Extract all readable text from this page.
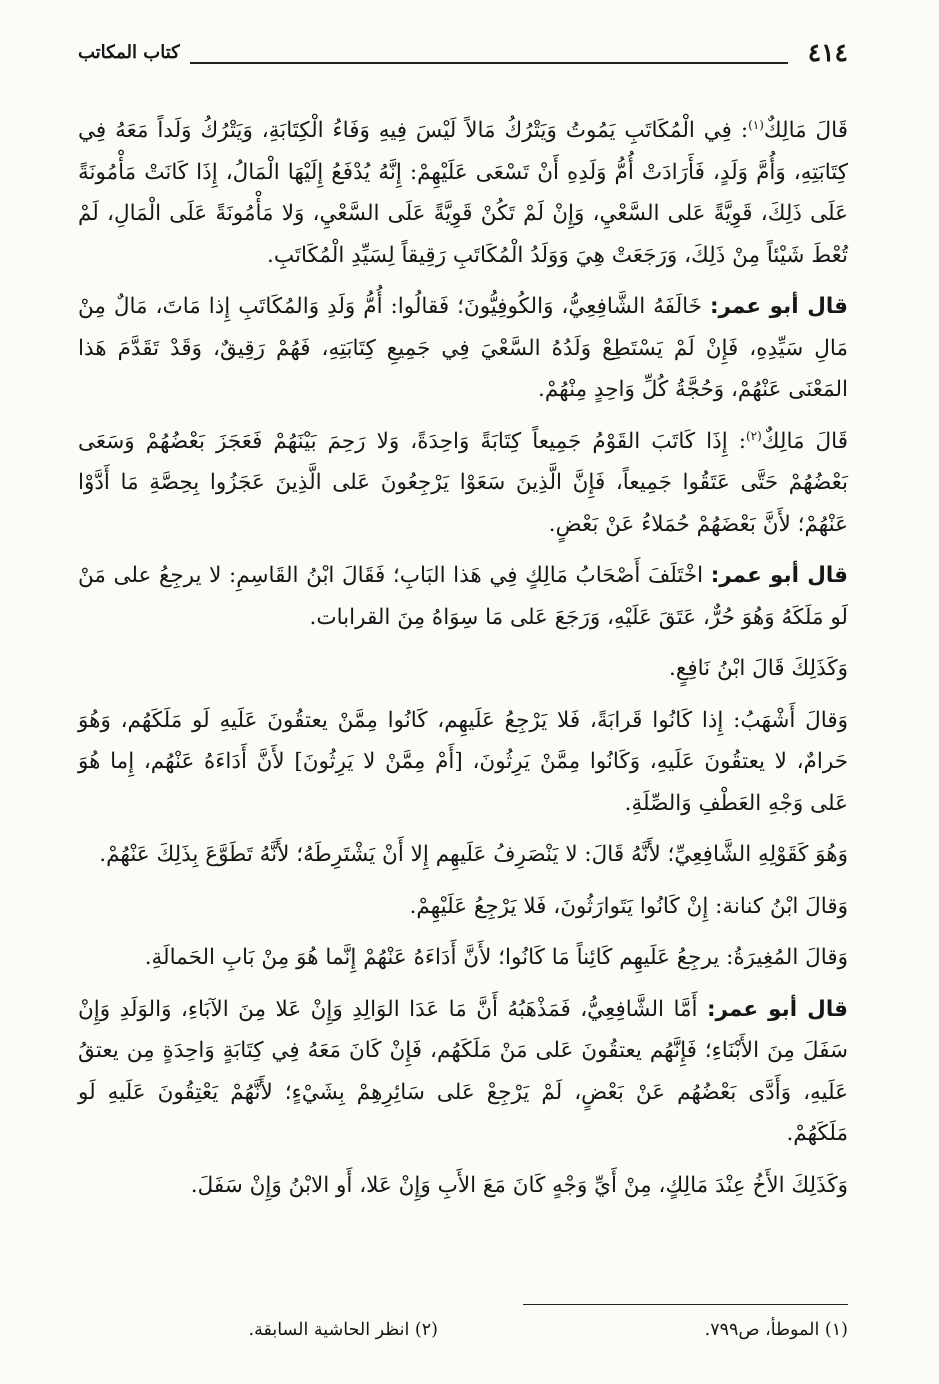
٤١٤
كتاب المكاتب

قَالَ مَالِكٌ$^{(١)}$: فِي الْمُكَاتَبِ يَمُوتُ وَيَتْرُكُ مَالاً لَيْسَ فِيهِ وَفَاءُ الْكِتَابَةِ، وَيَتْرُكُ وَلَداً مَعَهُ فِي كِتَابَتِهِ، وَأُمَّ وَلَدٍ، فَأَرَادَتْ أُمُّ وَلَدِهِ أَنْ تَسْعَى عَلَيْهِمْ: إِنَّهُ يُدْفَعُ إِلَيْهَا الْمَالُ، إِذَا كَانَتْ مَأْمُونَةً عَلَى ذَلِكَ، قَوِيَّةً عَلى السَّعْيِ، وَإِنْ لَمْ تَكُنْ قَوِيَّةً عَلَى السَّعْيِ، وَلا مَأْمُونَةً عَلَى الْمَالِ، لَمْ تُعْطَ شَيْئاً مِنْ ذَلِكَ، وَرَجَعَتْ هِيَ وَوَلَدُ الْمُكَاتَبِ رَقِيقاً لِسَيِّدِ الْمُكَاتَبِ.

قال أبو عمر: خَالَفَهُ الشَّافِعِيُّ، وَالكُوفِيُّونَ؛ فَقالُوا: أُمُّ وَلَدِ وَالمُكَاتَبِ إِذا مَاتَ، مَالٌ مِنْ مَالِ سَيِّدِهِ، فَإِنْ لَمْ يَسْتَطِعْ وَلَدُهُ السَّعْيَ فِي جَمِيعِ كِتَابَتِهِ، فَهُمْ رَقِيقٌ، وَقَدْ تَقَدَّمَ هَذا المَعْنَى عَنْهُمْ، وَحُجَّةُ كُلِّ وَاحِدٍ مِنْهُمْ.

قَالَ مَالِكٌ$^{(٢)}$: إِذَا كَاتَبَ القَوْمُ جَمِيعاً كِتَابَةً وَاحِدَةً، وَلا رَحِمَ بَيْنَهُمْ فَعَجَزَ بَعْضُهُمْ وَسَعَى بَعْضُهُمْ حَتَّى عَتَقُوا جَمِيعاً، فَإِنَّ الَّذِينَ سَعَوْا يَرْجِعُونَ عَلى الَّذِينَ عَجَزُوا بِحِصَّةِ مَا أَدَّوْا عَنْهُمْ؛ لأَنَّ بَعْضَهُمْ حُمَلاءُ عَنْ بَعْضٍ.

قال أبو عمر: اخْتَلَفَ أَصْحَابُ مَالِكٍ فِي هَذا البَابِ؛ فَقَالَ ابْنُ القَاسِمِ: لا يرجِعُ على مَنْ لَو مَلَكَهُ وَهُوَ حُرٌّ، عَتَقَ عَلَيْهِ، وَرَجَعَ عَلى مَا سِوَاهُ مِنَ القرابات.

وَكَذَلِكَ قَالَ ابْنُ نَافِعٍ.

وَقالَ أَشْهَبُ: إِذا كَانُوا قَرابَةً، فَلا يَرْجِعُ عَلَيهِم، كَانُوا مِمَّنْ يعتقُونَ عَلَيهِ لَو مَلَكَهُم، وَهُوَ حَرامٌ، لا يعتقُونَ عَلَيهِ، وَكَانُوا مِمَّنْ يَرِثُونَ، [أَمْ مِمَّنْ لا يَرِثُونَ] لأَنَّ أَدَاءَهُ عَنْهُم، إِما هُوَ عَلى وَجْهِ العَطْفِ وَالصِّلَةِ.

وَهُوَ كَقَوْلِهِ الشَّافِعِيِّ؛ لأَنَّهُ قَالَ: لا يَنْصَرِفُ عَلَيهِم إِلا أَنْ يَشْتَرِطَهُ؛ لأَنَّهُ تَطَوَّعَ بِذَلِكَ عَنْهُمْ.

وَقالَ ابْنُ كنانة: إِنْ كَانُوا يَتَوارَثُونَ، فَلا يَرْجِعُ عَلَيْهِمْ.

وَقالَ المُغِيرَةُ: يرجِعُ عَلَيهِم كَائِناً مَا كَانُوا؛ لأَنَّ أَدَاءَهُ عَنْهُمْ إِنَّما هُوَ مِنْ بَابِ الحَمالَةِ.

قال أبو عمر: أَمَّا الشَّافِعِيُّ، فَمَذْهَبُهُ أَنَّ مَا عَدَا الوَالِدِ وَإِنْ عَلا مِنَ الآبَاءِ، وَالوَلَدِ وَإِنْ سَفَلَ مِنَ الأَبْنَاءِ؛ فَإِنَّهُم يعتقُونَ عَلى مَنْ مَلَكَهُم، فَإِنْ كَانَ مَعَهُ فِي كِتَابَةٍ وَاحِدَةٍ مِن يعتقُ عَلَيهِ، وَأَدَّى بَعْضُهُم عَنْ بَعْضٍ، لَمْ يَرْجِعْ عَلى سَائِرِهِمْ بِشَيْءٍ؛ لأَنَّهُمْ يَعْتِقُونَ عَلَيهِ لَو مَلَكَهُمْ.

وَكَذَلِكَ الأَخُ عِنْدَ مَالِكٍ، مِنْ أَيِّ وَجْهٍ كَانَ مَعَ الأَبِ وَإِنْ عَلا، أَو الابْنُ وَإِنْ سَفَلَ.

(١) الموطأ، ص٧٩٩.
(٢) انظر الحاشية السابقة.
